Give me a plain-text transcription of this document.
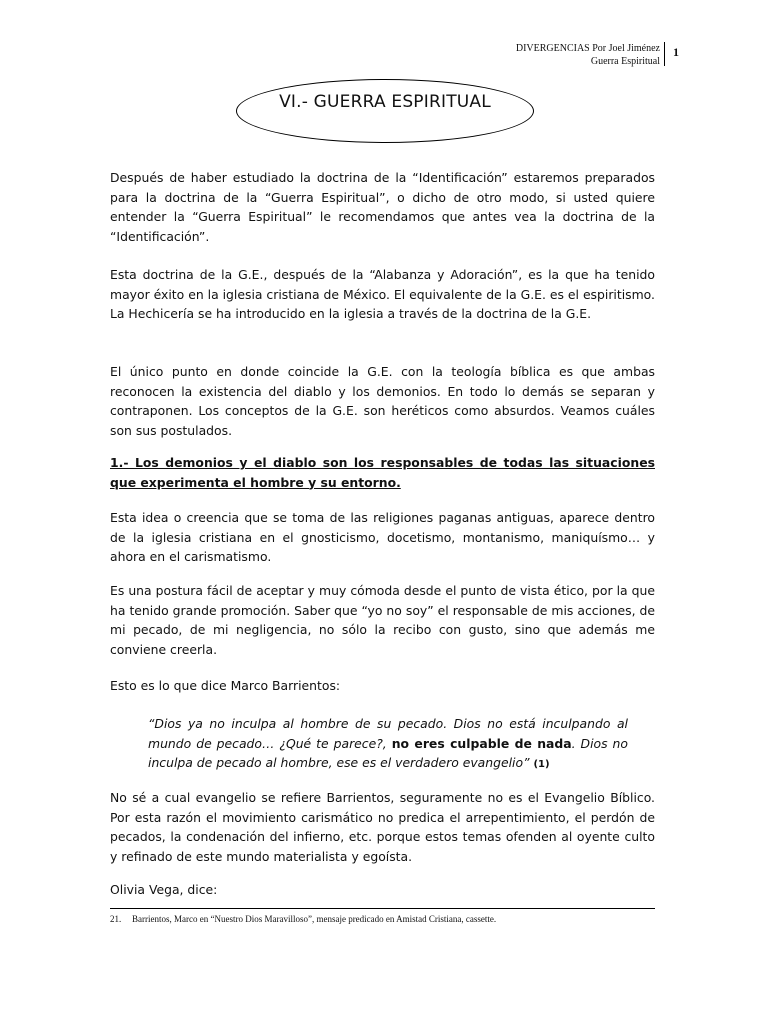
DIVERGENCIAS Por Joel Jiménez
Guerra Espiritual
1
VI.- GUERRA ESPIRITUAL

Después de haber estudiado la doctrina de la “Identificación” estaremos preparados para la doctrina de la “Guerra Espiritual”, o dicho de otro modo, si usted quiere entender la “Guerra Espiritual” le recomendamos que antes vea la doctrina de la “Identificación”.

Esta doctrina de la G.E., después de la “Alabanza y Adoración”, es la que ha tenido mayor éxito en la iglesia cristiana de México. El equivalente de la G.E. es el espiritismo. La Hechicería se ha introducido en la iglesia a través de la doctrina de la G.E.

El único punto en donde coincide la G.E. con la teología bíblica es que ambas reconocen la existencia del diablo y los demonios. En todo lo demás se separan y contraponen. Los conceptos de la G.E. son heréticos como absurdos. Veamos cuáles son sus postulados.

1.- Los demonios y el diablo son los responsables de todas las situaciones que experimenta el hombre y su entorno.

Esta idea o creencia que se toma de las religiones paganas antiguas, aparece dentro de la iglesia cristiana en el gnosticismo, docetismo, montanismo, maniquísmo… y ahora en el carismatismo.

Es una postura fácil de aceptar y muy cómoda desde el punto de vista ético, por la que ha tenido grande promoción. Saber que “yo no soy” el responsable de mis acciones, de mi pecado, de mi negligencia, no sólo la recibo con gusto, sino que además me conviene creerla.

Esto es lo que dice Marco Barrientos:

“Dios ya no inculpa al hombre de su pecado. Dios no está inculpando al mundo de pecado… ¿Qué te parece?, no eres culpable de nada. Dios no inculpa de pecado al hombre, ese es el verdadero evangelio” (1)

No sé a cual evangelio se refiere Barrientos, seguramente no es el Evangelio Bíblico. Por esta razón el movimiento carismático no predica el arrepentimiento, el perdón de pecados, la condenación del infierno, etc. porque estos temas ofenden al oyente culto y refinado de este mundo materialista y egoísta.

Olivia Vega, dice:

21. Barrientos, Marco en “Nuestro Dios Maravilloso”, mensaje predicado en Amistad Cristiana, cassette.
